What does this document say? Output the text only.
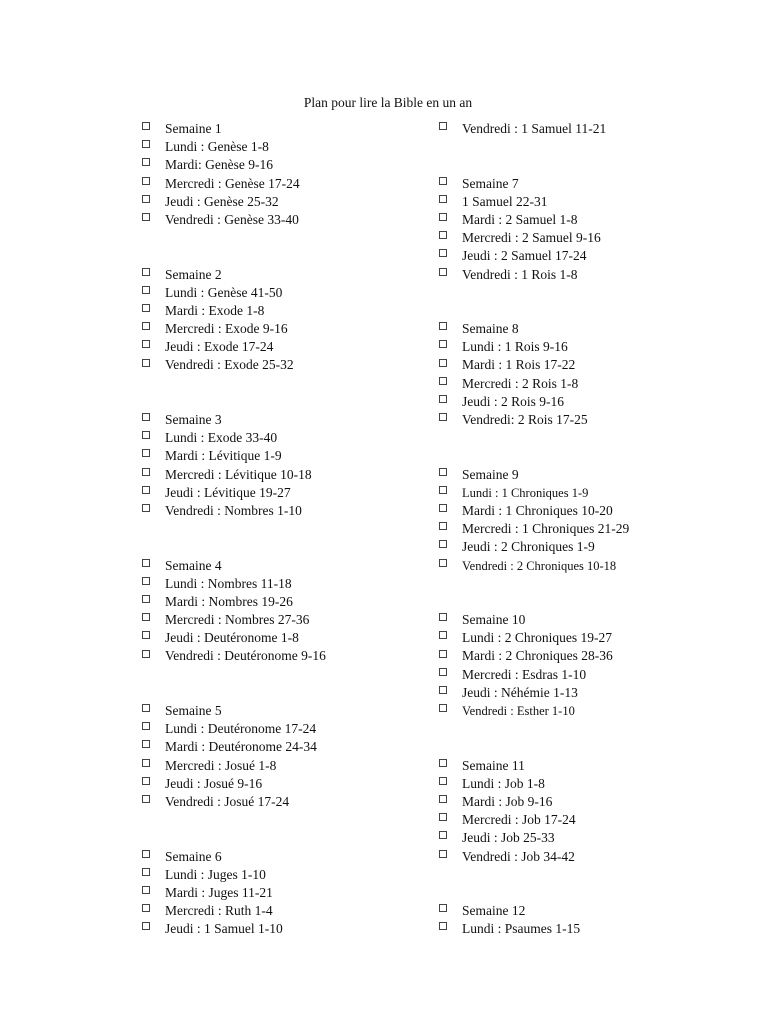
Plan pour lire la Bible en un an
Semaine 1
Lundi : Genèse 1-8
Mardi: Genèse 9-16
Mercredi : Genèse 17-24
Jeudi : Genèse 25-32
Vendredi : Genèse 33-40
Semaine 2
Lundi : Genèse 41-50
Mardi : Exode 1-8
Mercredi : Exode 9-16
Jeudi : Exode 17-24
Vendredi : Exode 25-32
Semaine 3
Lundi : Exode 33-40
Mardi : Lévitique 1-9
Mercredi : Lévitique 10-18
Jeudi : Lévitique 19-27
Vendredi : Nombres 1-10
Semaine 4
Lundi : Nombres 11-18
Mardi : Nombres 19-26
Mercredi : Nombres 27-36
Jeudi : Deutéronome 1-8
Vendredi : Deutéronome 9-16
Semaine 5
Lundi : Deutéronome 17-24
Mardi : Deutéronome 24-34
Mercredi : Josué 1-8
Jeudi : Josué 9-16
Vendredi : Josué 17-24
Semaine 6
Lundi : Juges 1-10
Mardi : Juges 11-21
Mercredi : Ruth 1-4
Jeudi : 1 Samuel 1-10
Vendredi : 1 Samuel 11-21
Semaine 7
1 Samuel 22-31
Mardi : 2 Samuel 1-8
Mercredi : 2 Samuel 9-16
Jeudi : 2 Samuel 17-24
Vendredi : 1 Rois 1-8
Semaine 8
Lundi : 1 Rois 9-16
Mardi : 1 Rois 17-22
Mercredi : 2 Rois 1-8
Jeudi : 2 Rois 9-16
Vendredi: 2 Rois 17-25
Semaine 9
Lundi : 1 Chroniques 1-9
Mardi : 1 Chroniques 10-20
Mercredi : 1 Chroniques 21-29
Jeudi : 2 Chroniques 1-9
Vendredi : 2 Chroniques 10-18
Semaine 10
Lundi : 2 Chroniques 19-27
Mardi : 2 Chroniques 28-36
Mercredi : Esdras 1-10
Jeudi : Néhémie 1-13
Vendredi : Esther 1-10
Semaine 11
Lundi : Job 1-8
Mardi : Job 9-16
Mercredi : Job 17-24
Jeudi : Job 25-33
Vendredi : Job 34-42
Semaine 12
Lundi : Psaumes 1-15
